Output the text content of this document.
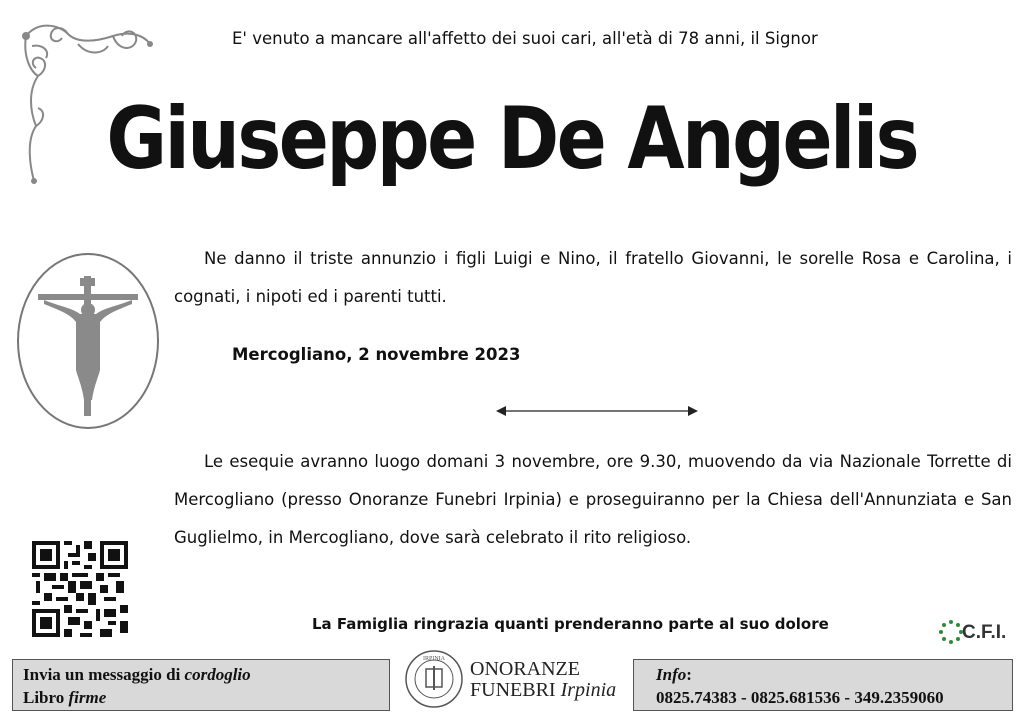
E' venuto a mancare all'affetto dei suoi cari, all'età di 78 anni, il Signor
Giuseppe De Angelis
Ne danno il triste annunzio i figli Luigi e Nino, il fratello Giovanni, le sorelle Rosa e Carolina, i cognati, i nipoti ed i parenti tutti.
Mercogliano, 2 novembre 2023
Le esequie avranno luogo domani 3 novembre, ore 9.30, muovendo da via Nazionale Torrette di Mercogliano (presso Onoranze Funebri Irpinia) e proseguiranno per la Chiesa dell'Annunziata e San Guglielmo, in Mercogliano, dove sarà celebrato il rito religioso.
La Famiglia ringrazia quanti prenderanno parte al suo dolore	C.F.I.
Invia un messaggio di cordoglio
Libro firme
IRPINIA ONORANZE
FUNEBRI Irpinia
Info:
0825.74383 - 0825.681536 - 349.2359060
